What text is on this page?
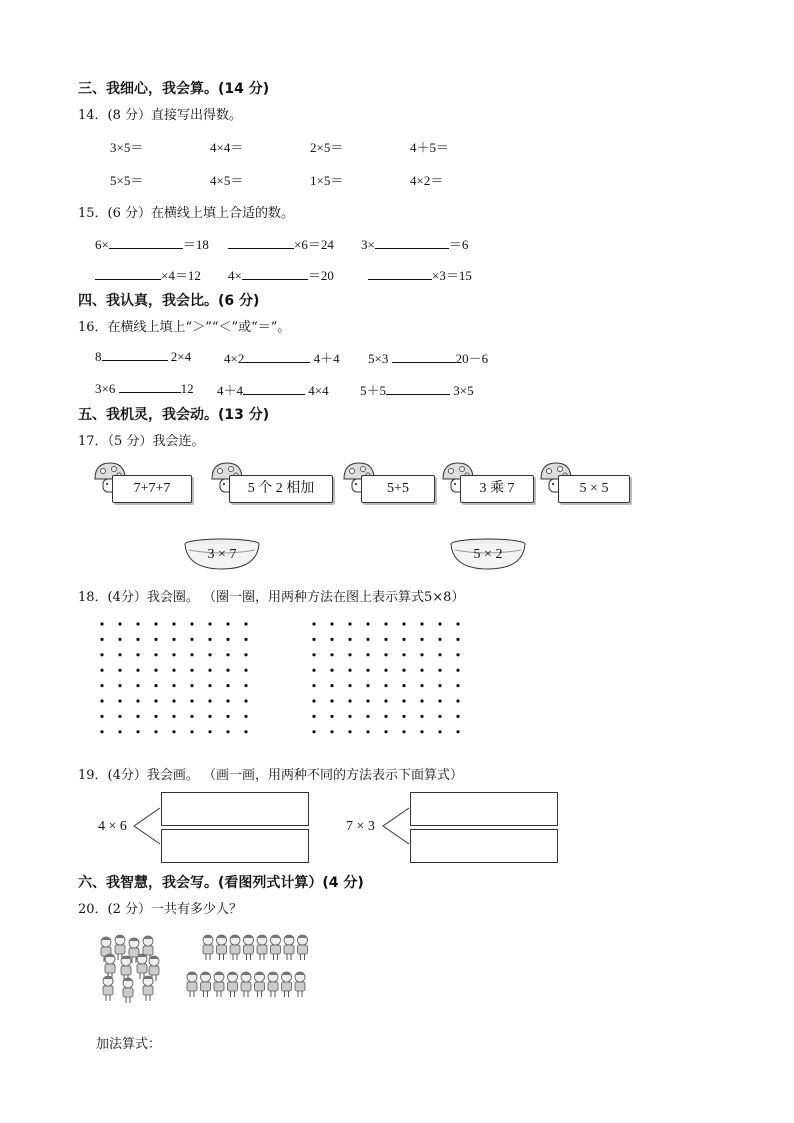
三、我细心，我会算。(14 分)
14．(8 分）直接写出得数。
3×5＝	4×4＝	2×5＝	4＋5＝
5×5＝	4×5＝	1×5＝	4×2＝
15．(6 分）在横线上填上合适的数。
6×	＝18	×6＝24 3×	＝6
×4＝12 4×	＝20	×3＝15
四、我认真，我会比。(6 分)
16．在横线上填上“＞”“＜”或“＝”。
8	2×4	4×2	4＋4 5×3	20－6
3×6	12 4＋4	4×4 5＋5	3×5
五、我机灵，我会动。(13 分)
17．（5 分）我会连。
7+7+7	5 个 2 相加	5+5	3 乘 7	5 × 5
3 × 7	5 × 2
18．(4分）我会圈。 （圈一圈，用两种方法在图上表示算式5×8）
19．(4分）我会画。 （画一画，用两种不同的方法表示下面算式）
4 × 6	7 × 3
六、我智慧，我会写。(看图列式计算）(4 分)
20．(2 分）一共有多少人？
加法算式：
